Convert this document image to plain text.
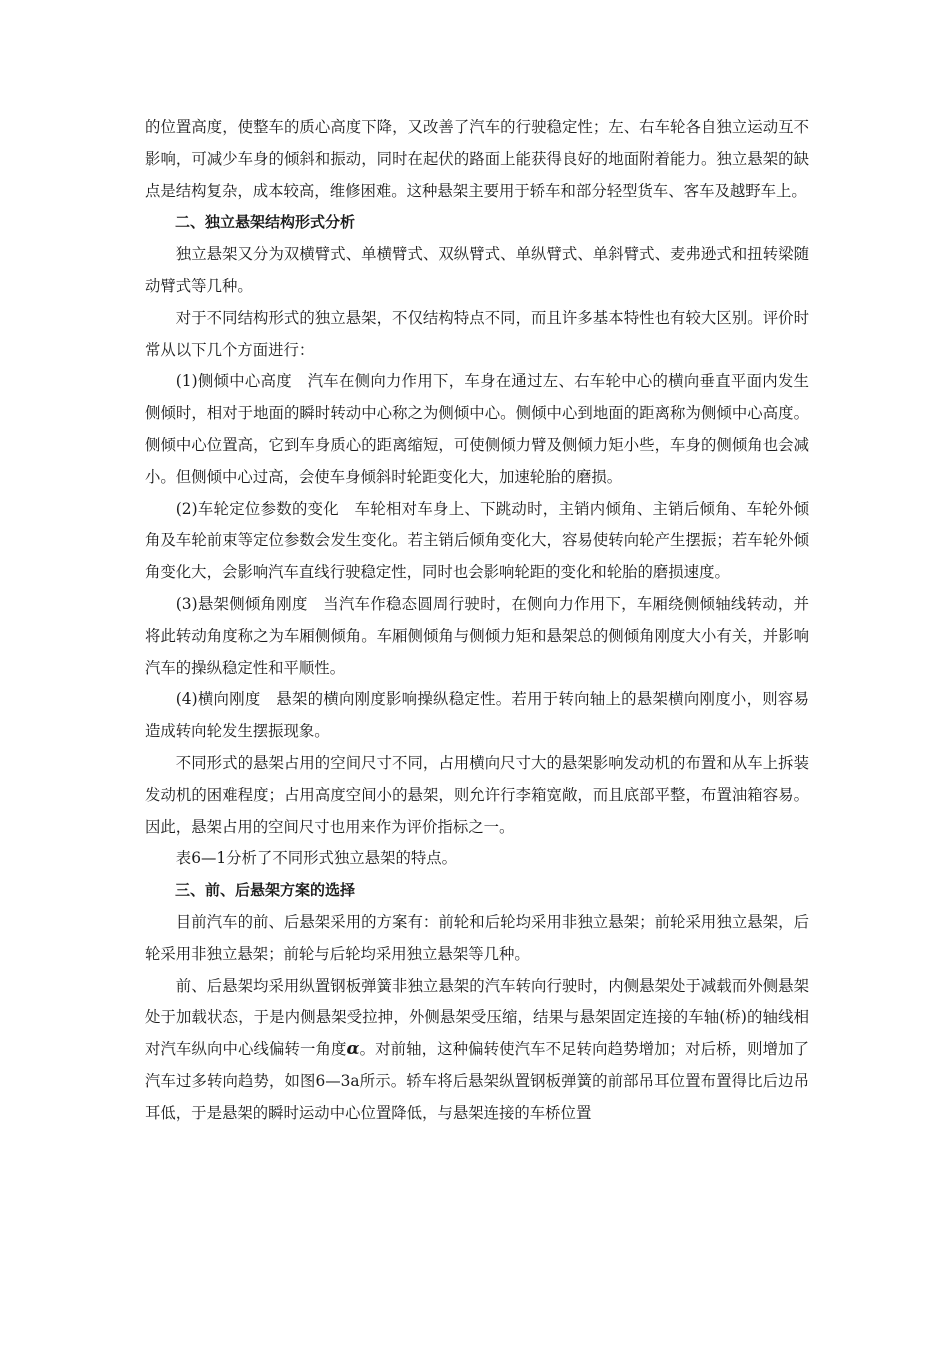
的位置高度，使整车的质心高度下降，又改善了汽车的行驶稳定性；左、右车轮各自独立运动互不影响，可减少车身的倾斜和振动，同时在起伏的路面上能获得良好的地面附着能力。独立悬架的缺点是结构复杂，成本较高，维修困难。这种悬架主要用于轿车和部分轻型货车、客车及越野车上。

二、独立悬架结构形式分析

独立悬架又分为双横臂式、单横臂式、双纵臂式、单纵臂式、单斜臂式、麦弗逊式和扭转梁随动臂式等几种。

对于不同结构形式的独立悬架，不仅结构特点不同，而且许多基本特性也有较大区别。评价时常从以下几个方面进行：

(1)侧倾中心高度　汽车在侧向力作用下，车身在通过左、右车轮中心的横向垂直平面内发生侧倾时，相对于地面的瞬时转动中心称之为侧倾中心。侧倾中心到地面的距离称为侧倾中心高度。侧倾中心位置高，它到车身质心的距离缩短，可使侧倾力臂及侧倾力矩小些，车身的侧倾角也会减小。但侧倾中心过高，会使车身倾斜时轮距变化大，加速轮胎的磨损。

(2)车轮定位参数的变化　车轮相对车身上、下跳动时，主销内倾角、主销后倾角、车轮外倾角及车轮前束等定位参数会发生变化。若主销后倾角变化大，容易使转向轮产生摆振；若车轮外倾角变化大，会影响汽车直线行驶稳定性，同时也会影响轮距的变化和轮胎的磨损速度。

(3)悬架侧倾角刚度　当汽车作稳态圆周行驶时，在侧向力作用下，车厢绕侧倾轴线转动，并将此转动角度称之为车厢侧倾角。车厢侧倾角与侧倾力矩和悬架总的侧倾角刚度大小有关，并影响汽车的操纵稳定性和平顺性。

(4)横向刚度　悬架的横向刚度影响操纵稳定性。若用于转向轴上的悬架横向刚度小，则容易造成转向轮发生摆振现象。

不同形式的悬架占用的空间尺寸不同，占用横向尺寸大的悬架影响发动机的布置和从车上拆装发动机的困难程度；占用高度空间小的悬架，则允许行李箱宽敞，而且底部平整，布置油箱容易。因此，悬架占用的空间尺寸也用来作为评价指标之一。

表6—1分析了不同形式独立悬架的特点。

三、前、后悬架方案的选择

目前汽车的前、后悬架采用的方案有：前轮和后轮均采用非独立悬架；前轮采用独立悬架，后轮采用非独立悬架；前轮与后轮均采用独立悬架等几种。

前、后悬架均采用纵置钢板弹簧非独立悬架的汽车转向行驶时，内侧悬架处于减载而外侧悬架处于加载状态，于是内侧悬架受拉抻，外侧悬架受压缩，结果与悬架固定连接的车轴(桥)的轴线相对汽车纵向中心线偏转一角度α。对前轴，这种偏转使汽车不足转向趋势增加；对后桥，则增加了汽车过多转向趋势，如图6—3a所示。轿车将后悬架纵置钢板弹簧的前部吊耳位置布置得比后边吊耳低，于是悬架的瞬时运动中心位置降低，与悬架连接的车桥位置
